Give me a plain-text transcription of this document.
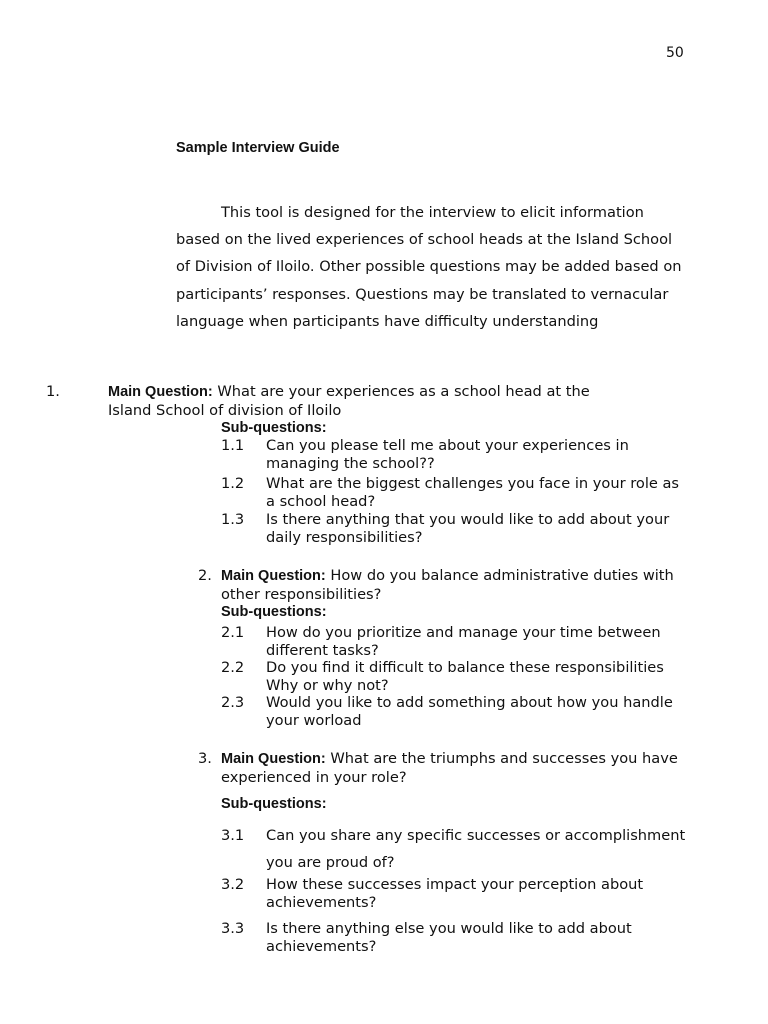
50
Sample Interview Guide
This tool is designed for the interview to elicit information based on the lived experiences of school heads at the Island School of Division of Iloilo. Other possible questions may be added based on participants’ responses. Questions may be translated to vernacular language when participants have difficulty understanding
1.	Main Question: What are your experiences as a school head at the Island School of division of Iloilo
Sub-questions:
1.1 Can you please tell me about your experiences in managing the school??
1.2 What are the biggest challenges you face in your role as a school head?
1.3 Is there anything that you would like to add about your daily responsibilities?
2. Main Question: How do you balance administrative duties with other responsibilities?
Sub-questions:
2.1 How do you prioritize and manage your time between different tasks?
2.2 Do you find it difficult to balance these responsibilities Why or why not?
2.3 Would you like to add something about how you handle your worload
3. Main Question: What are the triumphs and successes you have experienced in your role?
Sub-questions:
3.1 Can you share any specific successes or accomplishment you are proud of?
3.2 How these successes impact your perception about achievements?
3.3 Is there anything else you would like to add about achievements?
